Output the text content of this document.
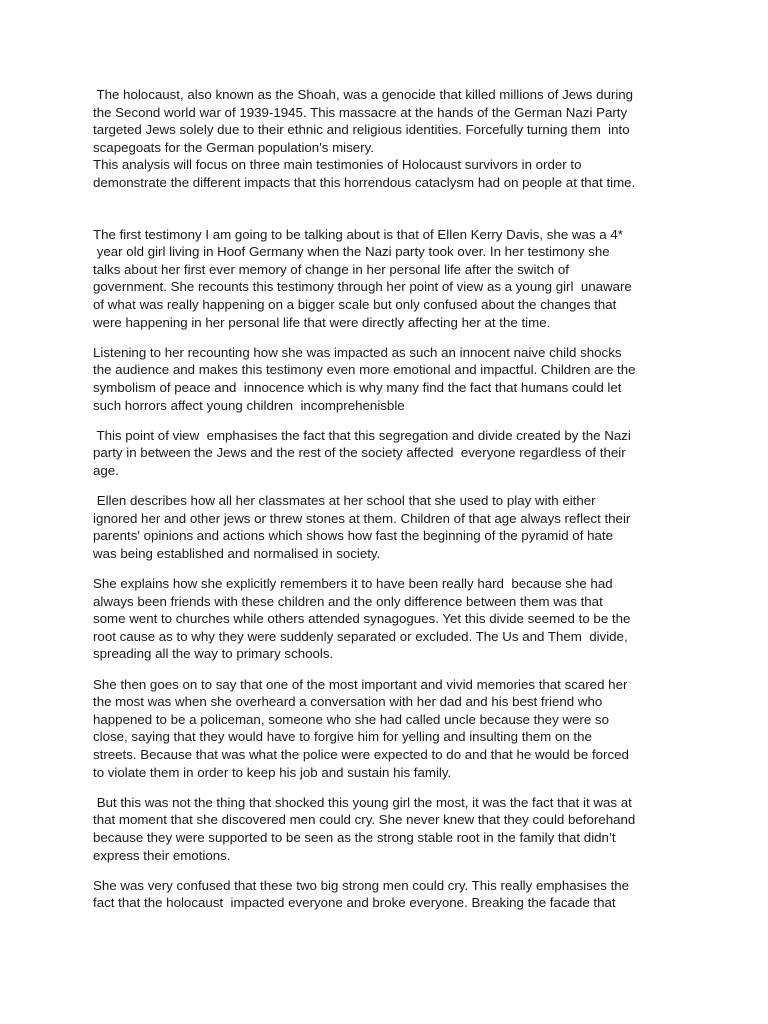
The holocaust, also known as the Shoah, was a genocide that killed millions of Jews during
the Second world war of 1939-1945. This massacre at the hands of the German Nazi Party
targeted Jews solely due to their ethnic and religious identities. Forcefully turning them  into
scapegoats for the German population's misery.
This analysis will focus on three main testimonies of Holocaust survivors in order to
demonstrate the different impacts that this horrendous cataclysm had on people at that time.
The first testimony I am going to be talking about is that of Ellen Kerry Davis, she was a 4*
year old girl living in Hoof Germany when the Nazi party took over. In her testimony she
talks about her first ever memory of change in her personal life after the switch of
government. She recounts this testimony through her point of view as a young girl  unaware
of what was really happening on a bigger scale but only confused about the changes that
were happening in her personal life that were directly affecting her at the time.
Listening to her recounting how she was impacted as such an innocent naive child shocks
the audience and makes this testimony even more emotional and impactful. Children are the
symbolism of peace and  innocence which is why many find the fact that humans could let
such horrors affect young children  incomprehenisble
This point of view  emphasises the fact that this segregation and divide created by the Nazi
party in between the Jews and the rest of the society affected  everyone regardless of their
age.
Ellen describes how all her classmates at her school that she used to play with either
ignored her and other jews or threw stones at them. Children of that age always reflect their
parents' opinions and actions which shows how fast the beginning of the pyramid of hate
was being established and normalised in society.
She explains how she explicitly remembers it to have been really hard  because she had
always been friends with these children and the only difference between them was that
some went to churches while others attended synagogues. Yet this divide seemed to be the
root cause as to why they were suddenly separated or excluded. The Us and Them  divide,
spreading all the way to primary schools.
She then goes on to say that one of the most important and vivid memories that scared her
the most was when she overheard a conversation with her dad and his best friend who
happened to be a policeman, someone who she had called uncle because they were so
close, saying that they would have to forgive him for yelling and insulting them on the
streets. Because that was what the police were expected to do and that he would be forced
to violate them in order to keep his job and sustain his family.
But this was not the thing that shocked this young girl the most, it was the fact that it was at
that moment that she discovered men could cry. She never knew that they could beforehand
because they were supported to be seen as the strong stable root in the family that didn’t
express their emotions.
She was very confused that these two big strong men could cry. This really emphasises the
fact that the holocaust  impacted everyone and broke everyone. Breaking the facade that
